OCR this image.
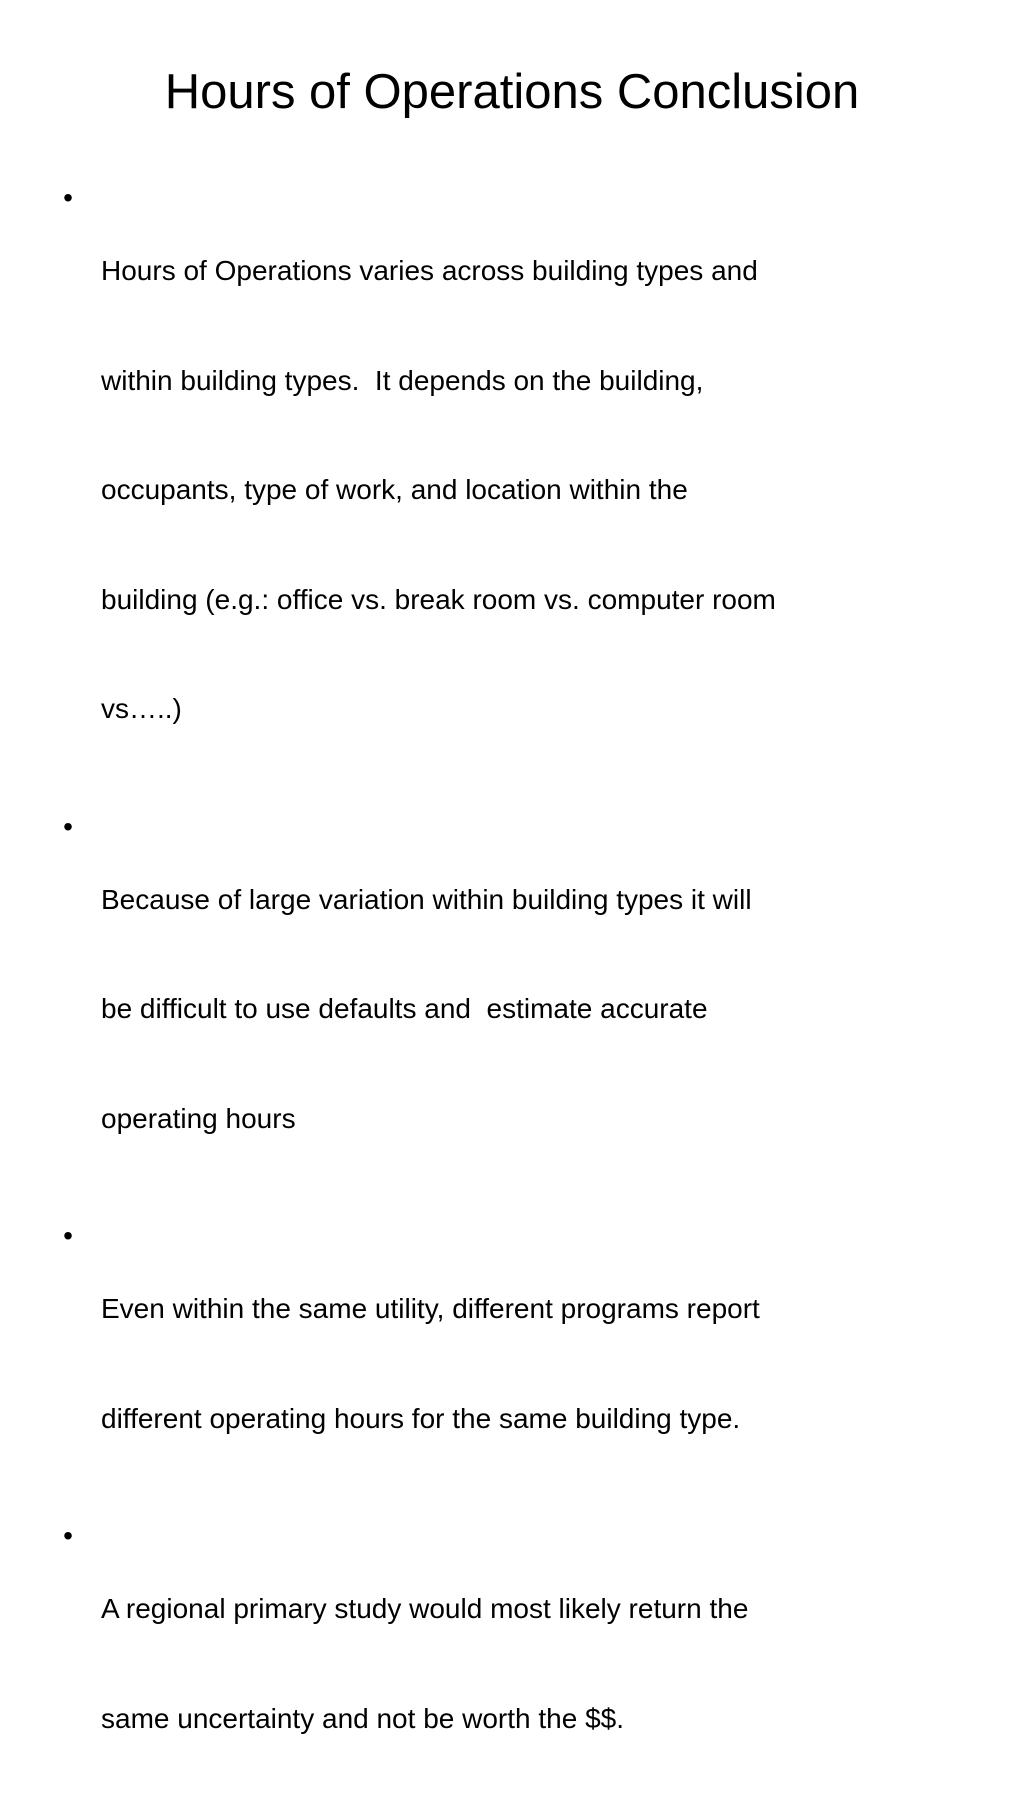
Hours of Operations Conclusion
•

Hours of Operations varies across building types and

within building types.  It depends on the building,

occupants, type of work, and location within the

building (e.g.: office vs. break room vs. computer room

vs…..)

•

Because of large variation within building types it will

be difficult to use defaults and  estimate accurate

operating hours

•

Even within the same utility, different programs report

different operating hours for the same building type.

•

A regional primary study would most likely return the

same uncertainty and not be worth the $$.
